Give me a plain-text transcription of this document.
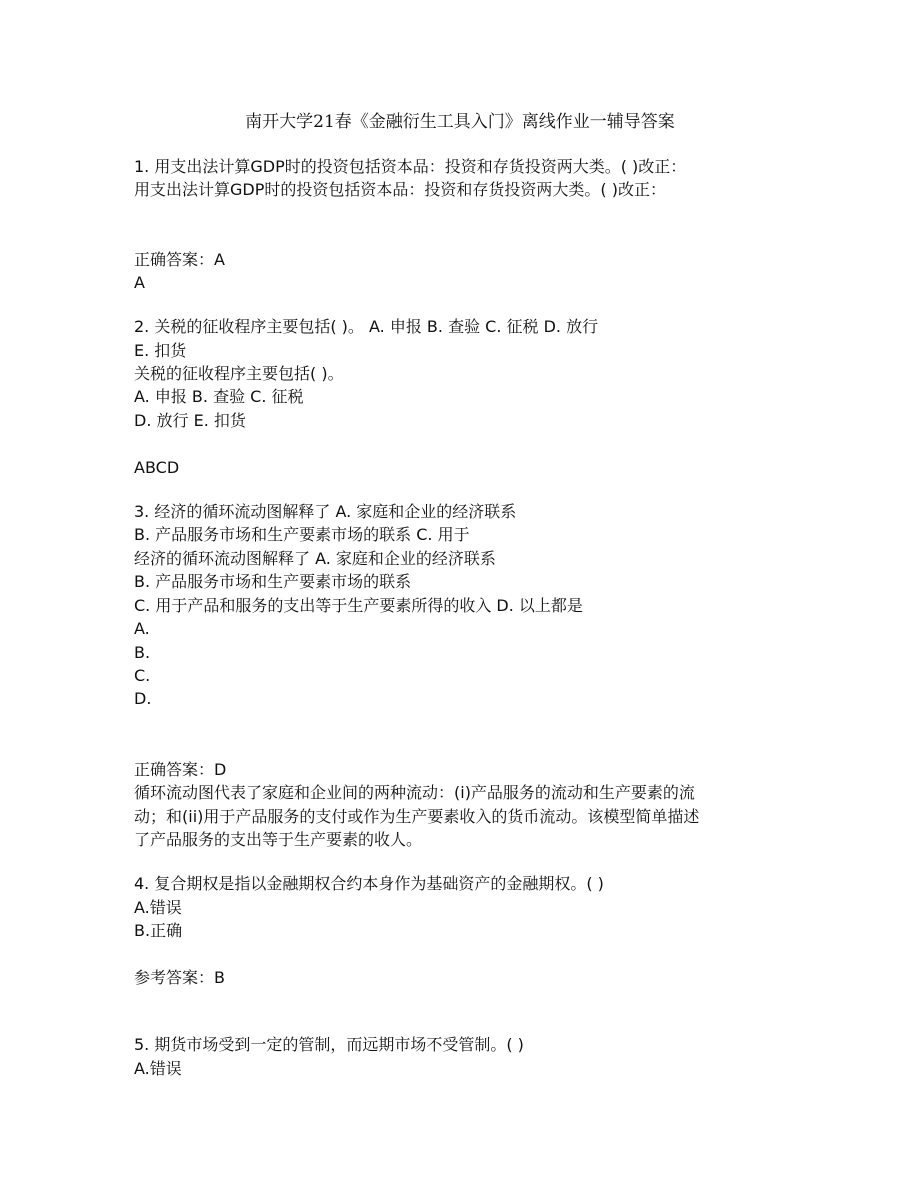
南开大学21春《金融衍生工具入门》离线作业一辅导答案
1. 用支出法计算GDP时的投资包括资本品：投资和存货投资两大类。( )改正：
用支出法计算GDP时的投资包括资本品：投资和存货投资两大类。( )改正：
正确答案：A
A
2. 关税的征收程序主要包括( )。 A. 申报 B. 查验 C. 征税 D. 放行
E. 扣货
关税的征收程序主要包括( )。
A. 申报 B. 查验 C. 征税
D. 放行 E. 扣货
ABCD
3. 经济的循环流动图解释了 A. 家庭和企业的经济联系
B. 产品服务市场和生产要素市场的联系 C. 用于
经济的循环流动图解释了 A. 家庭和企业的经济联系
B. 产品服务市场和生产要素市场的联系
C. 用于产品和服务的支出等于生产要素所得的收入 D. 以上都是
A.
B.
C.
D.
正确答案：D
循环流动图代表了家庭和企业间的两种流动：(i)产品服务的流动和生产要素的流
动；和(ii)用于产品服务的支付或作为生产要素收入的货币流动。该模型简单描述
了产品服务的支出等于生产要素的收人。
4. 复合期权是指以金融期权合约本身作为基础资产的金融期权。( )
A.错误
B.正确
参考答案：B
5. 期货市场受到一定的管制，而远期市场不受管制。( )
A.错误
